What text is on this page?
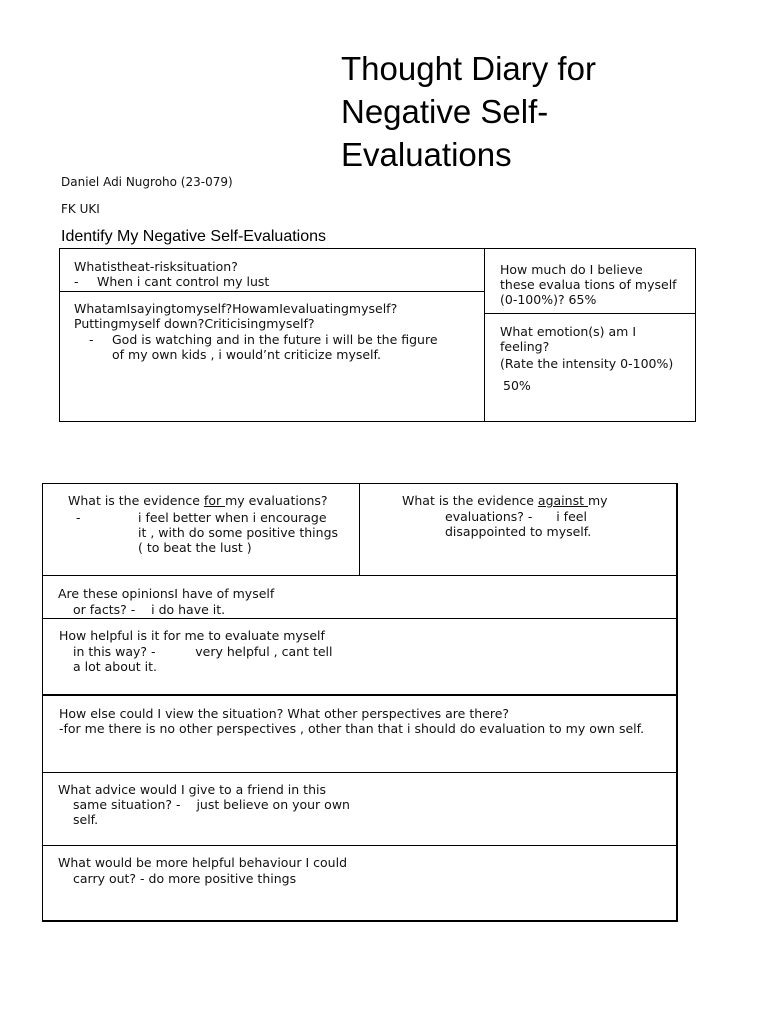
Thought Diary for
Negative Self-
Evaluations
Daniel Adi Nugroho (23-079)
FK UKI
Identify My Negative Self-Evaluations
Whatistheat-risksituation?
- When i cant control my lust
WhatamIsayingtomyself?HowamIevaluatingmyself?
Puttingmyself down?Criticisingmyself?
- God is watching and in the future i will be the figure
of my own kids , i would’nt criticize myself.
How much do I believe
these evalua tions of myself
(0-100%)? 65%
What emotion(s) am I
feeling?
(Rate the intensity 0-100%)
50%
What is the evidence for my evaluations?
-	i feel better when i encourage
it , with do some positive things
( to beat the lust )
What is the evidence against my
evaluations? -      i feel
disappointed to myself.
Are these opinionsI have of myself
or facts? -    i do have it.
How helpful is it for me to evaluate myself
in this way? -          very helpful , cant tell
a lot about it.
How else could I view the situation? What other perspectives are there?
-for me there is no other perspectives , other than that i should do evaluation to my own self.
What advice would I give to a friend in this
same situation? -    just believe on your own
self.
What would be more helpful behaviour I could
carry out? - do more positive things
